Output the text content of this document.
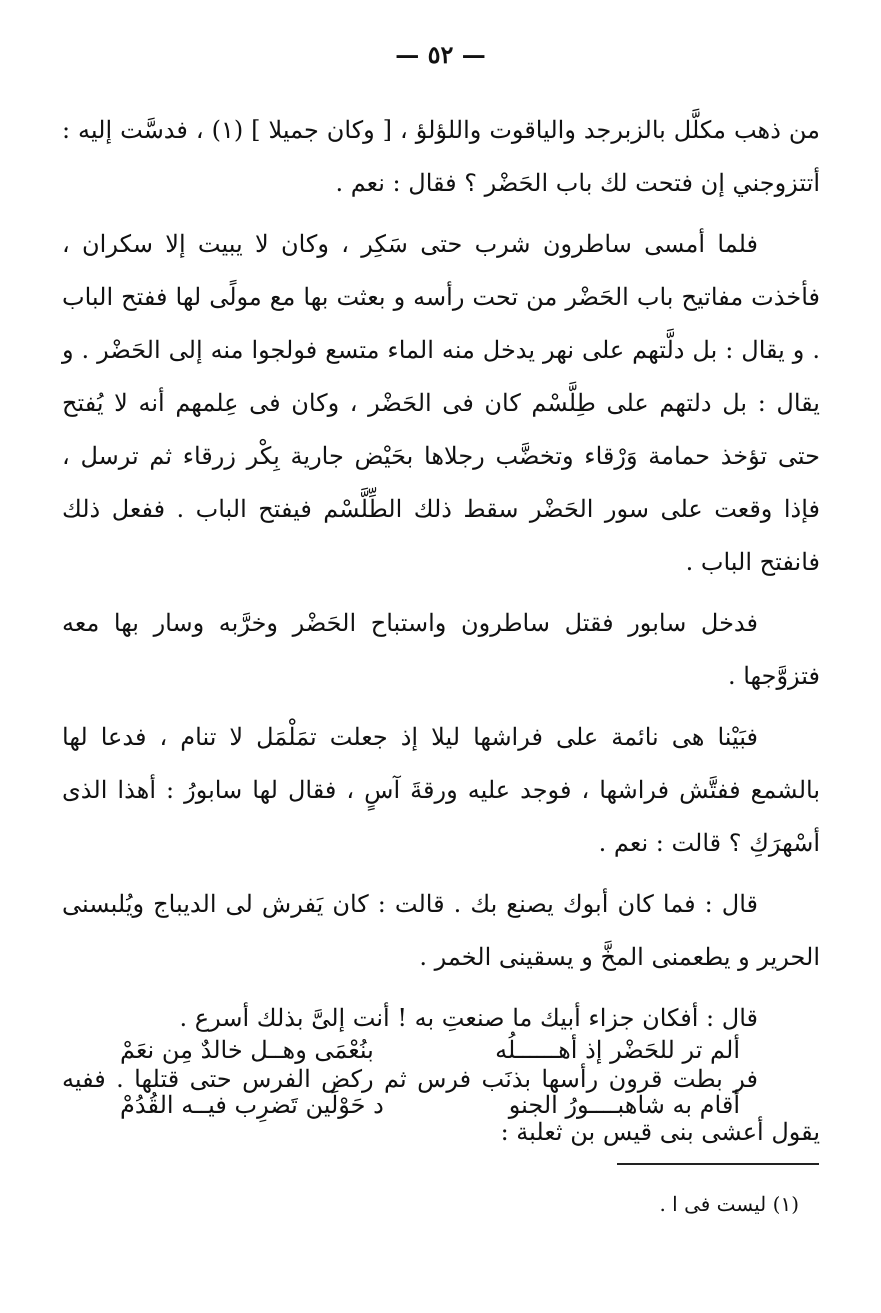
— ٥٢ —

من ذهب مكلَّل بالزبرجد والياقوت واللؤلؤ ، [ وكان جميلا ] (١) ، فدسَّت إليه : أتتزوجني إن فتحت لك باب الحَضْر ؟ فقال : نعم .

فلما أمسى ساطرون شرب حتى سَكِر ، وكان لا يبيت إلا سكران ، فأخذت مفاتيح باب الحَضْر من تحت رأسه و بعثت بها مع مولًى لها ففتح الباب . و يقال : بل دلَّتهم على نهر يدخل منه الماء متسع فولجوا منه إلى الحَضْر . و يقال : بل دلتهم على طِلَّسْم كان فى الحَضْر ، وكان فى عِلمهم أنه لا يُفتح حتى تؤخذ حمامة وَرْقاء وتخضَّب رجلاها بحَيْض جارية بِكْر زرقاء ثم ترسل ، فإذا وقعت على سور الحَضْر سقط ذلك الطِّلَّسْم فيفتح الباب . ففعل ذلك فانفتح الباب .

فدخل سابور فقتل ساطرون واستباح الحَضْر وخرَّبه وسار بها معه فتزوَّجها .

فبَيْنا هى نائمة على فراشها ليلا إذ جعلت تمَلْمَل لا تنام ، فدعا لها بالشمع ففتَّش فراشها ، فوجد عليه ورقةَ آسٍ ، فقال لها سابورُ : أهذا الذى أسْهرَكِ ؟ قالت : نعم .

قال : فما كان أبوك يصنع بك . قالت : كان يَفرش لى الديباج ويُلبسنى الحرير و يطعمنى المخَّ و يسقينى الخمر .

قال : أفكان جزاء أبيك ما صنعتِ به ! أنت إلىَّ بذلك أسرع .

فر بطت قرون رأسها بذنَب فرس ثم ركض الفرس حتى قتلها . ففيه يقول أعشى بنى قيس بن ثعلبة :

ألم تر للحَضْر إذ أهــــــلُه
بنُعْمَى وهــل خالدٌ مِن نعَمْ
أقام به شاهبــــورُ الجنو
د حَوْلَين تَضرِب فيــه القُدُمْ
(١) ليست فى ا .
